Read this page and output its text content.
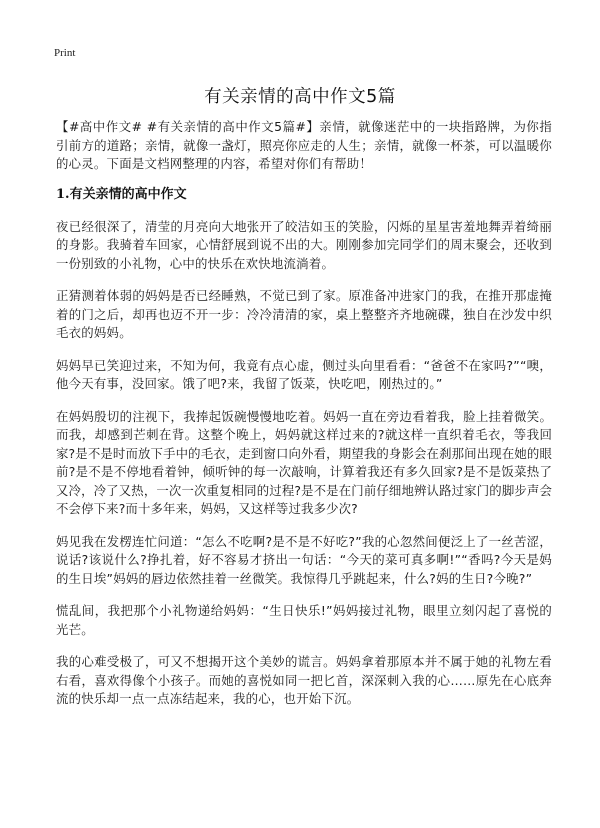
Print
有关亲情的高中作文5篇

【#高中作文# #有关亲情的高中作文5篇#】亲情，就像迷茫中的一块指路牌，为你指引前方的道路；亲情，就像一盏灯，照亮你应走的人生；亲情，就像一杯茶，可以温暖你的心灵。下面是文档网整理的内容，希望对你们有帮助！

1.有关亲情的高中作文

夜已经很深了，清莹的月亮向大地张开了皎洁如玉的笑脸，闪烁的星星害羞地舞弄着绮丽的身影。我骑着车回家，心情舒展到说不出的大。刚刚参加完同学们的周末聚会，还收到一份别致的小礼物，心中的快乐在欢快地流淌着。

正猜测着体弱的妈妈是否已经睡熟，不觉已到了家。原准备冲进家门的我，在推开那虚掩着的门之后，却再也迈不开一步：冷冷清清的家，桌上整整齐齐地碗碟，独自在沙发中织毛衣的妈妈。

妈妈早已笑迎过来，不知为何，我竟有点心虚，侧过头向里看看：“爸爸不在家吗?”“噢，他今天有事，没回家。饿了吧?来，我留了饭菜，快吃吧，刚热过的。”

在妈妈殷切的注视下，我捧起饭碗慢慢地吃着。妈妈一直在旁边看着我，脸上挂着微笑。而我，却感到芒刺在背。这整个晚上，妈妈就这样过来的?就这样一直织着毛衣，等我回家?是不是时而放下手中的毛衣，走到窗口向外看，期望我的身影会在刹那间出现在她的眼前?是不是不停地看着钟，倾听钟的每一次敲响，计算着我还有多久回家?是不是饭菜热了又冷，冷了又热，一次一次重复相同的过程?是不是在门前仔细地辨认路过家门的脚步声会不会停下来?而十多年来，妈妈，又这样等过我多少次?

妈见我在发楞连忙问道：“怎么不吃啊?是不是不好吃?”我的心忽然间便泛上了一丝苦涩，说话?该说什么?挣扎着，好不容易才挤出一句话：“今天的菜可真多啊!”“香吗?今天是妈的生日埃”妈妈的唇边依然挂着一丝微笑。我惊得几乎跳起来，什么?妈的生日?今晚?”

慌乱间，我把那个小礼物递给妈妈：“生日快乐!”妈妈接过礼物，眼里立刻闪起了喜悦的光芒。

我的心难受极了，可又不想揭开这个美妙的谎言。妈妈拿着那原本并不属于她的礼物左看右看，喜欢得像个小孩子。而她的喜悦如同一把匕首，深深刺入我的心……原先在心底奔流的快乐却一点一点冻结起来，我的心，也开始下沉。
